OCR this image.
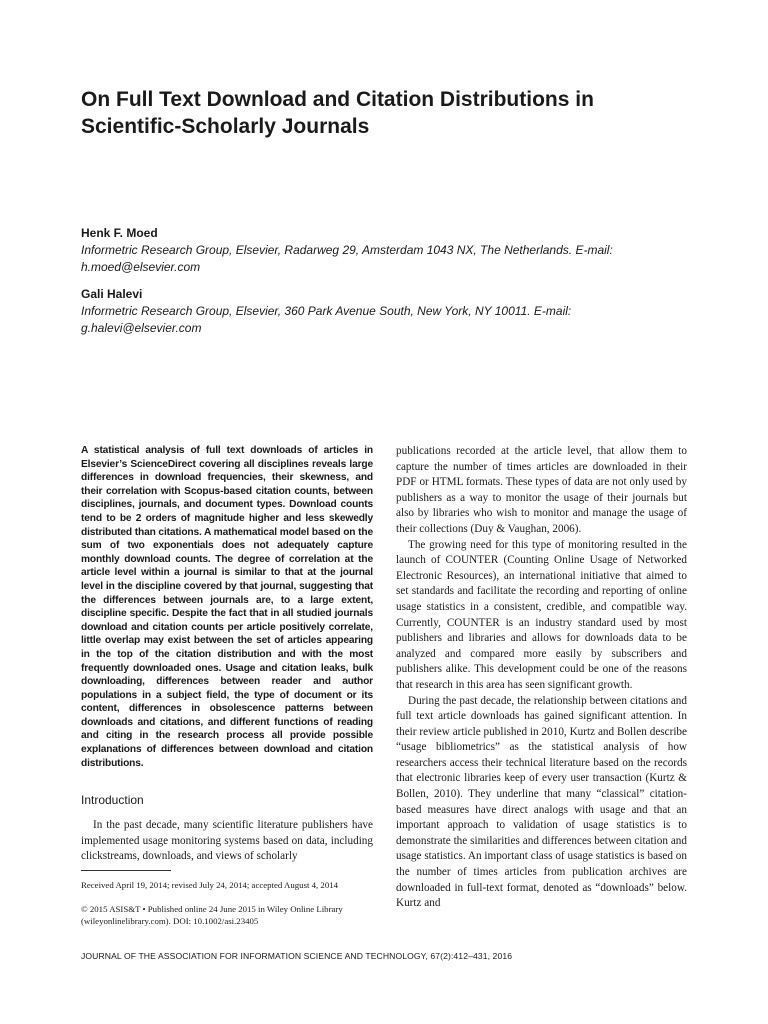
On Full Text Download and Citation Distributions in Scientific-Scholarly Journals
Henk F. Moed
Informetric Research Group, Elsevier, Radarweg 29, Amsterdam 1043 NX, The Netherlands. E-mail:
h.moed@elsevier.com
Gali Halevi
Informetric Research Group, Elsevier, 360 Park Avenue South, New York, NY 10011. E-mail:
g.halevi@elsevier.com

A statistical analysis of full text downloads of articles in Elsevier’s ScienceDirect covering all disciplines reveals large differences in download frequencies, their skewness, and their correlation with Scopus-based citation counts, between disciplines, journals, and document types. Download counts tend to be 2 orders of magnitude higher and less skewedly distributed than citations. A mathematical model based on the sum of two exponentials does not adequately capture monthly download counts. The degree of correlation at the article level within a journal is similar to that at the journal level in the discipline covered by that journal, suggesting that the differences between journals are, to a large extent, discipline specific. Despite the fact that in all studied journals download and citation counts per article positively correlate, little overlap may exist between the set of articles appearing in the top of the citation distribution and with the most frequently downloaded ones. Usage and citation leaks, bulk downloading, differences between reader and author populations in a subject field, the type of document or its content, differences in obsolescence patterns between downloads and citations, and different functions of reading and citing in the research process all provide possible explanations of differences between download and citation distributions.

Introduction

In the past decade, many scientific literature publishers have implemented usage monitoring systems based on data, including clickstreams, downloads, and views of scholarly

Received April 19, 2014; revised July 24, 2014; accepted August 4, 2014

© 2015 ASIS&T • Published online 24 June 2015 in Wiley Online Library (wileyonlinelibrary.com). DOI: 10.1002/asi.23405

publications recorded at the article level, that allow them to capture the number of times articles are downloaded in their PDF or HTML formats. These types of data are not only used by publishers as a way to monitor the usage of their journals but also by libraries who wish to monitor and manage the usage of their collections (Duy & Vaughan, 2006).

The growing need for this type of monitoring resulted in the launch of COUNTER (Counting Online Usage of Networked Electronic Resources), an international initiative that aimed to set standards and facilitate the recording and reporting of online usage statistics in a consistent, credible, and compatible way. Currently, COUNTER is an industry standard used by most publishers and libraries and allows for downloads data to be analyzed and compared more easily by subscribers and publishers alike. This development could be one of the reasons that research in this area has seen significant growth.

During the past decade, the relationship between citations and full text article downloads has gained significant attention. In their review article published in 2010, Kurtz and Bollen describe “usage bibliometrics” as the statistical analysis of how researchers access their technical literature based on the records that electronic libraries keep of every user transaction (Kurtz & Bollen, 2010). They underline that many “classical” citation-based measures have direct analogs with usage and that an important approach to validation of usage statistics is to demonstrate the similarities and differences between citation and usage statistics. An important class of usage statistics is based on the number of times articles from publication archives are downloaded in full-text format, denoted as “downloads” below. Kurtz and

JOURNAL OF THE ASSOCIATION FOR INFORMATION SCIENCE AND TECHNOLOGY, 67(2):412–431, 2016
